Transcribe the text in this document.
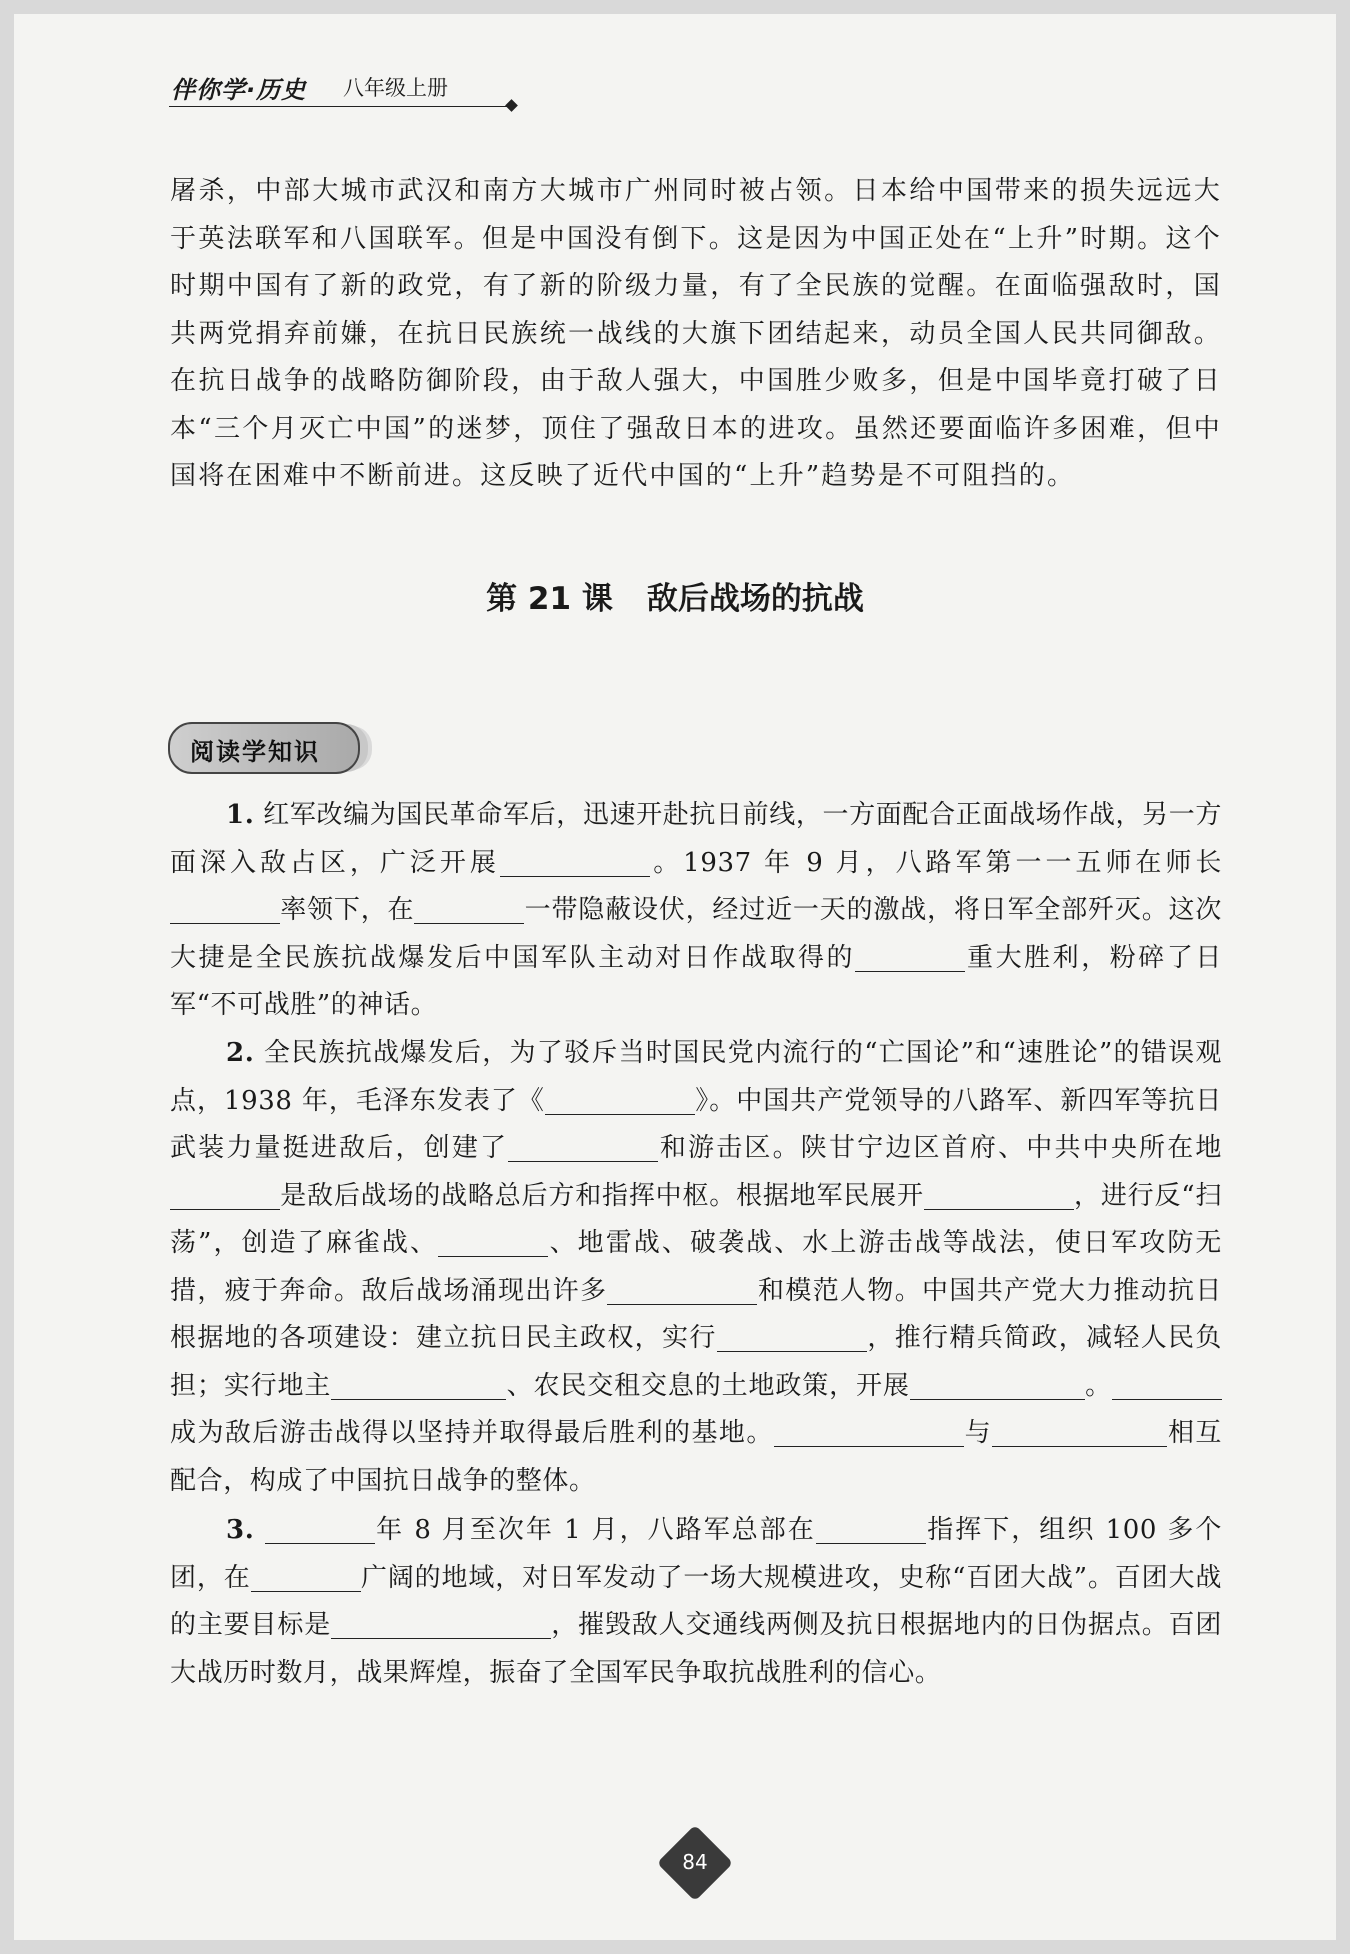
伴你学·历史 八年级上册

屠杀，中部大城市武汉和南方大城市广州同时被占领。日本给中国带来的损失远远大于英法联军和八国联军。但是中国没有倒下。这是因为中国正处在“上升”时期。这个时期中国有了新的政党，有了新的阶级力量，有了全民族的觉醒。在面临强敌时，国共两党捐弃前嫌，在抗日民族统一战线的大旗下团结起来，动员全国人民共同御敌。在抗日战争的战略防御阶段，由于敌人强大，中国胜少败多，但是中国毕竟打破了日本“三个月灭亡中国”的迷梦，顶住了强敌日本的进攻。虽然还要面临许多困难，但中国将在困难中不断前进。这反映了近代中国的“上升”趋势是不可阻挡的。

第 21 课 敌后战场的抗战
阅读学知识

1. 红军改编为国民革命军后，迅速开赴抗日前线，一方面配合正面战场作战，另一方面深入敌占区，广泛开展	。1937 年 9 月，八路军第一一五师在师长率领下，在	一带隐蔽设伏，经过近一天的激战，将日军全部歼灭。这次大捷是全民族抗战爆发后中国军队主动对日作战取得的	重大胜利，粉碎了日军“不可战胜”的神话。

2. 全民族抗战爆发后，为了驳斥当时国民党内流行的“亡国论”和“速胜论”的错误观点，1938 年，毛泽东发表了《	》。中国共产党领导的八路军、新四军等抗日武装力量挺进敌后，创建了	和游击区。陕甘宁边区首府、中共中央所在地是敌后战场的战略总后方和指挥中枢。根据地军民展开	，进行反“扫荡”，创造了麻雀战、	、地雷战、破袭战、水上游击战等战法，使日军攻防无措，疲于奔命。敌后战场涌现出许多	和模范人物。中国共产党大力推动抗日根据地的各项建设：建立抗日民主政权，实行	，推行精兵简政，减轻人民负担；实行地主	、农民交租交息的土地政策，开展	。成为敌后游击战得以坚持并取得最后胜利的基地。	与	相互配合，构成了中国抗日战争的整体。

3.	年 8 月至次年 1 月，八路军总部在	指挥下，组织 100 多个团，在	广阔的地域，对日军发动了一场大规模进攻，史称“百团大战”。百团大战的主要目标是	，摧毁敌人交通线两侧及抗日根据地内的日伪据点。百团大战历时数月，战果辉煌，振奋了全国军民争取抗战胜利的信心。

84
